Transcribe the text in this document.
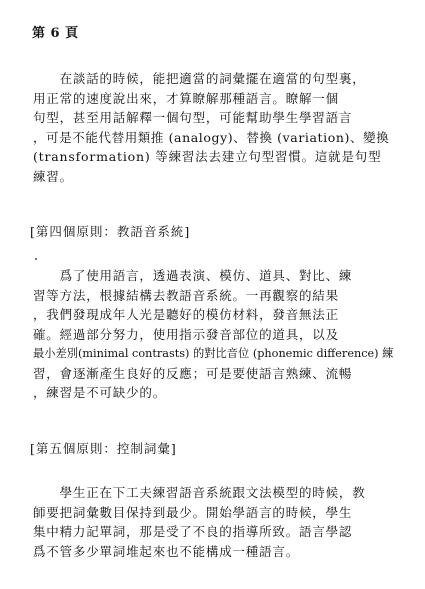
第 6 頁

　　在談話的時候，能把適當的詞彙擺在適當的句型裏，
用正常的速度說出來，才算瞭解那種語言。瞭解一個
句型，甚至用話解釋一個句型，可能幫助學生學習語言
，可是不能代替用類推 (analogy)、替換 (variation)、變換
(transformation) 等練習法去建立句型習慣。這就是句型
練習。

[第四個原則：教語音系統]

　　爲了使用語言，透過表演、模仿、道具、對比、練
習等方法，根據結構去教語音系統。一再觀察的結果
，我們發現成年人光是聽好的模仿材料，發音無法正
確。經過部分努力，使用指示發音部位的道具，以及
最小差別(minimal contrasts) 的對比音位 (phonemic difference) 練
習，會逐漸產生良好的反應；可是要使語言熟練、流暢
，練習是不可缺少的。

[第五個原則：控制詞彙]

　　學生正在下工夫練習語音系統跟文法模型的時候，教
師要把詞彙數目保持到最少。開始學語言的時候，學生
集中精力記單詞，那是受了不良的指導所致。語言學認
爲不管多少單詞堆起來也不能構成一種語言。
